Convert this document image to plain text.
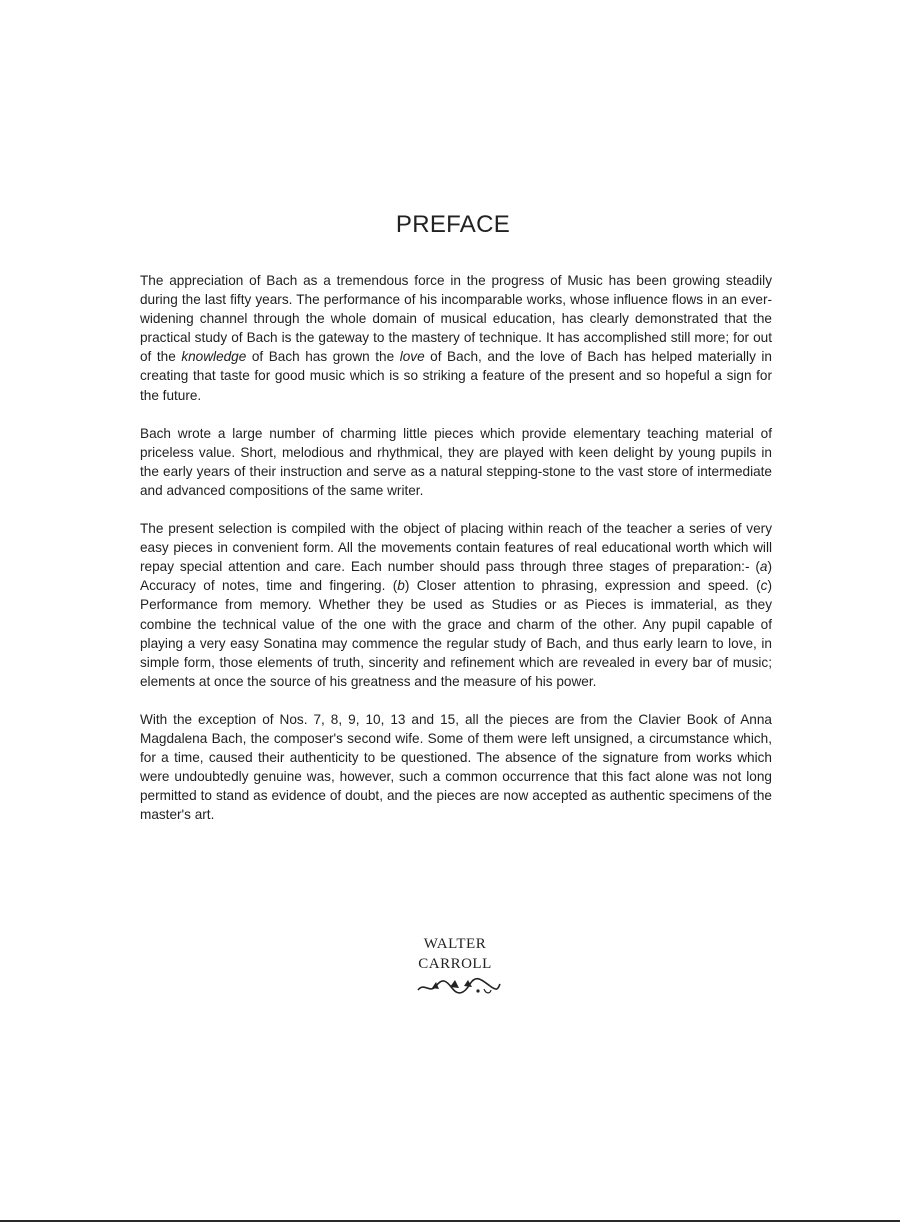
PREFACE

The appreciation of Bach as a tremendous force in the progress of Music has been growing steadily during the last fifty years. The performance of his incomparable works, whose influence flows in an ever-widening channel through the whole domain of musical education, has clearly demonstrated that the practical study of Bach is the gateway to the mastery of technique. It has accomplished still more; for out of the knowledge of Bach has grown the love of Bach, and the love of Bach has helped materially in creating that taste for good music which is so striking a feature of the present and so hopeful a sign for the future.

Bach wrote a large number of charming little pieces which provide elementary teaching material of priceless value. Short, melodious and rhythmical, they are played with keen delight by young pupils in the early years of their instruction and serve as a natural stepping-stone to the vast store of intermediate and advanced compositions of the same writer.

The present selection is compiled with the object of placing within reach of the teacher a series of very easy pieces in convenient form. All the movements contain features of real educational worth which will repay special attention and care. Each number should pass through three stages of preparation:- (a) Accuracy of notes, time and fingering. (b) Closer attention to phrasing, expression and speed. (c) Performance from memory. Whether they be used as Studies or as Pieces is immaterial, as they combine the technical value of the one with the grace and charm of the other. Any pupil capable of playing a very easy Sonatina may commence the regular study of Bach, and thus early learn to love, in simple form, those elements of truth, sincerity and refinement which are revealed in every bar of music; elements at once the source of his greatness and the measure of his power.

With the exception of Nos. 7, 8, 9, 10, 13 and 15, all the pieces are from the Clavier Book of Anna Magdalena Bach, the composer's second wife. Some of them were left unsigned, a circumstance which, for a time, caused their authenticity to be questioned. The absence of the signature from works which were undoubtedly genuine was, however, such a common occurrence that this fact alone was not long permitted to stand as evidence of doubt, and the pieces are now accepted as authentic specimens of the master's art.

WALTER
CARROLL
